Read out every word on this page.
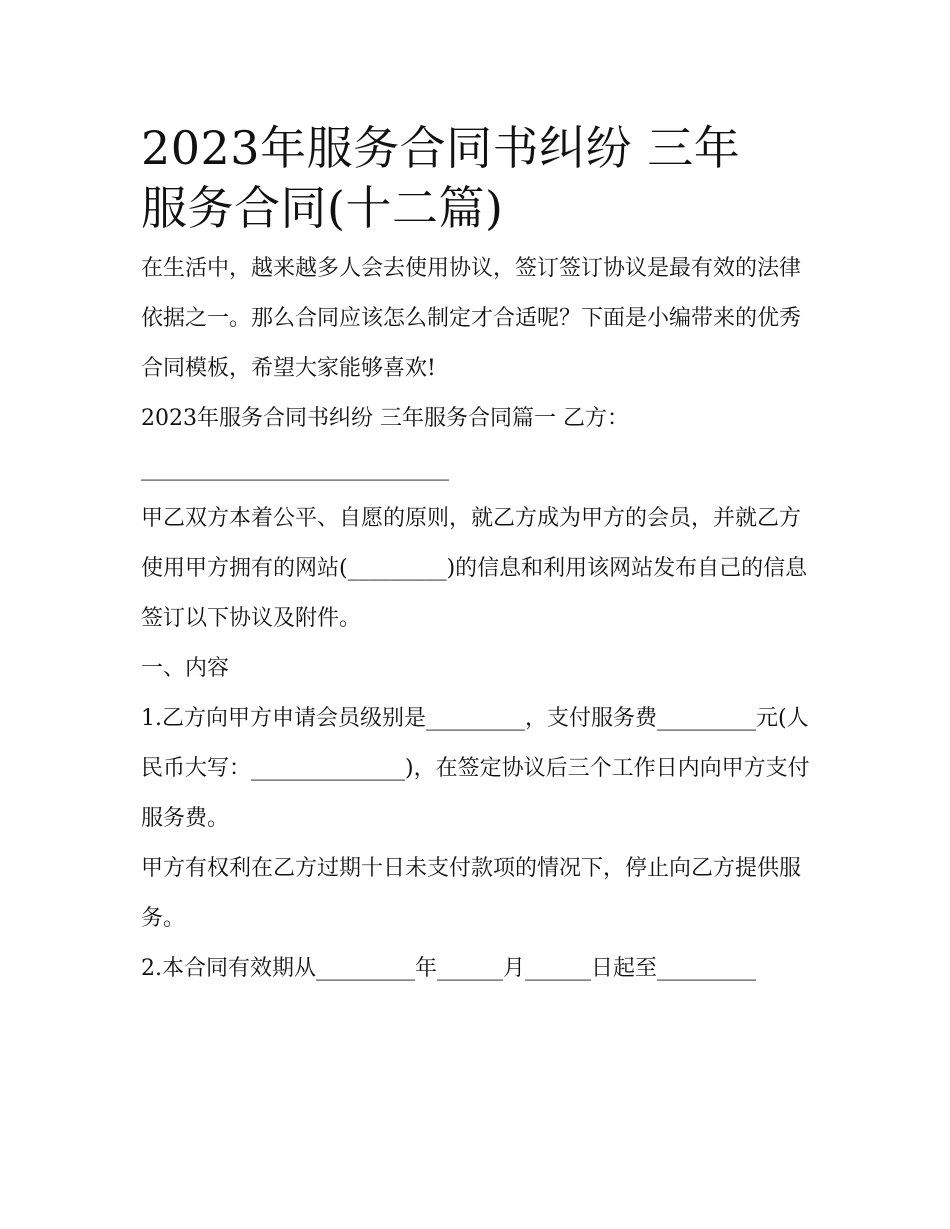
2023年服务合同书纠纷 三年
服务合同(十二篇)

在生活中，越来越多人会去使用协议，签订签订协议是最有效的法律依据之一。那么合同应该怎么制定才合适呢？下面是小编带来的优秀合同模板，希望大家能够喜欢!

2023年服务合同书纠纷 三年服务合同篇一 乙方：

____________________________

甲乙双方本着公平、自愿的原则，就乙方成为甲方的会员，并就乙方使用甲方拥有的网站(_________)的信息和利用该网站发布自己的信息签订以下协议及附件。

一、内容

1.乙方向甲方申请会员级别是_________，支付服务费_________元(人民币大写：______________)，在签定协议后三个工作日内向甲方支付服务费。

甲方有权利在乙方过期十日未支付款项的情况下，停止向乙方提供服务。

2.本合同有效期从_________年______月______日起至_________
